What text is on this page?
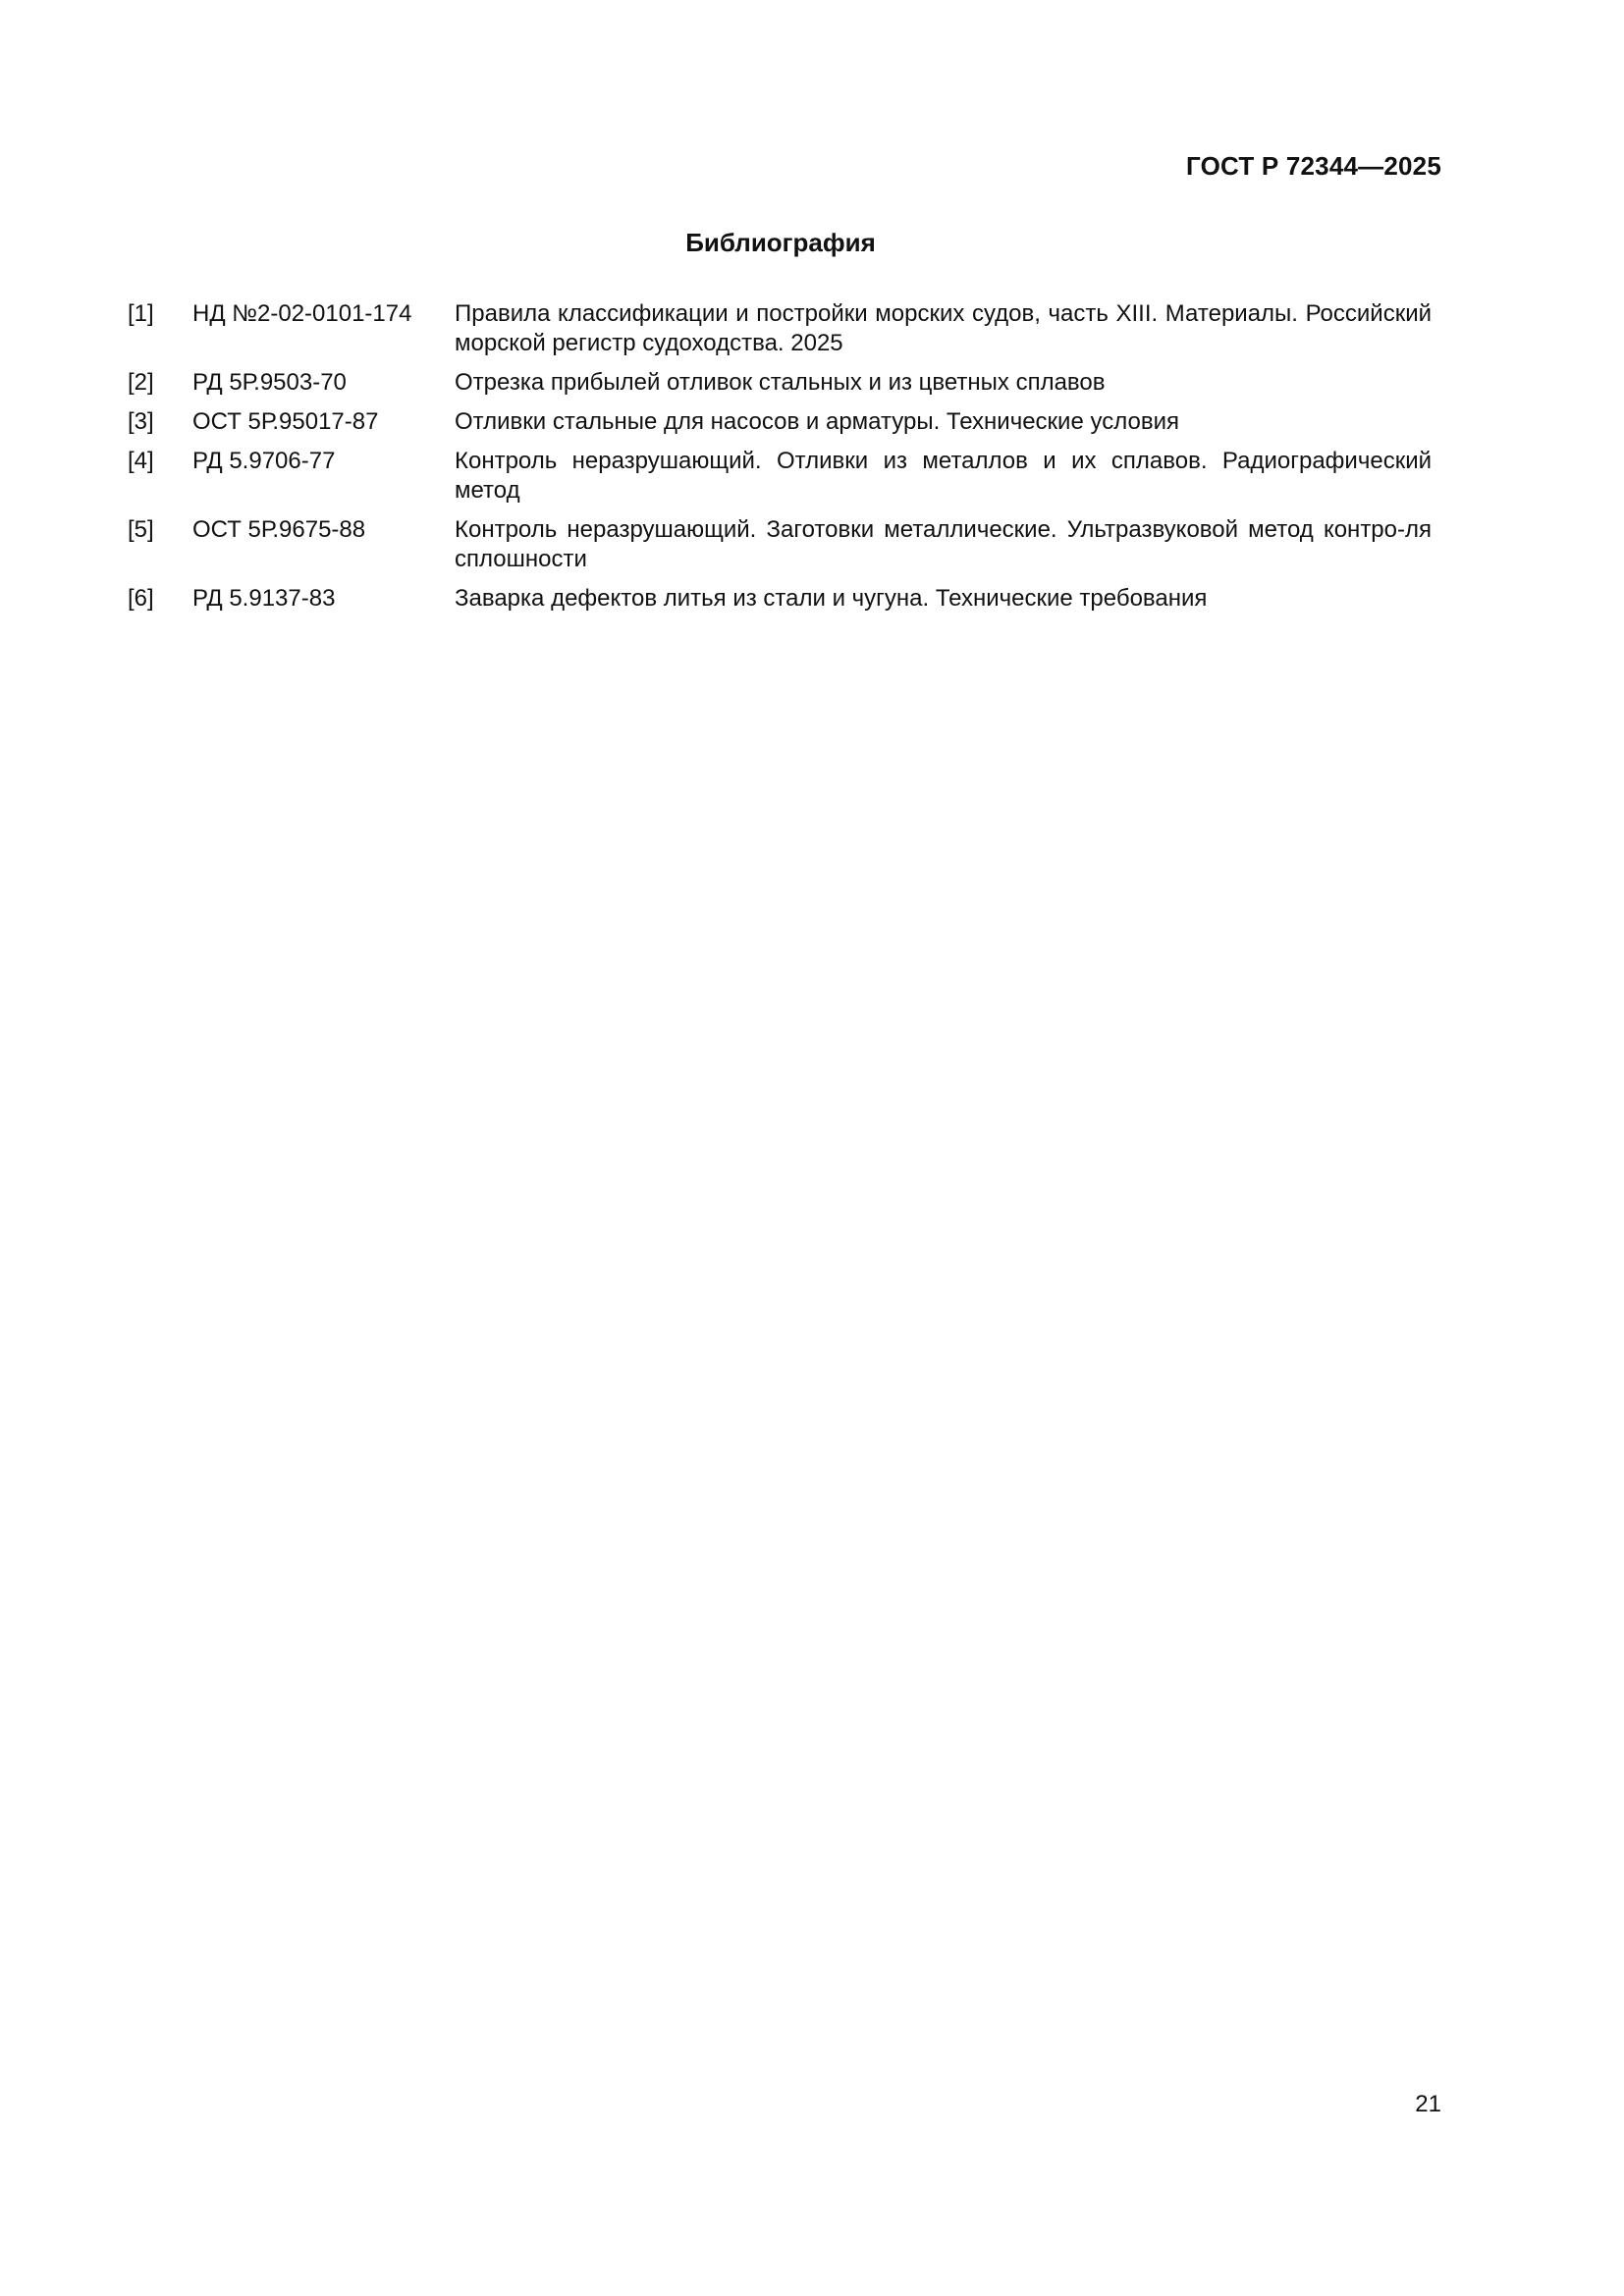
ГОСТ Р 72344—2025
Библиография
[1]	НД №2-02-0101-174	Правила классификации и постройки морских судов, часть XIII. Материалы. Российский морской регистр судоходства. 2025
[2]	РД 5Р.9503-70	Отрезка прибылей отливок стальных и из цветных сплавов
[3]	ОСТ 5Р.95017-87	Отливки стальные для насосов и арматуры. Технические условия
[4]	РД 5.9706-77	Контроль неразрушающий. Отливки из металлов и их сплавов. Радиографический метод
[5]	ОСТ 5Р.9675-88	Контроль неразрушающий. Заготовки металлические. Ультразвуковой метод контро-ля сплошности
[6]	РД 5.9137-83	Заварка дефектов литья из стали и чугуна. Технические требования
21
